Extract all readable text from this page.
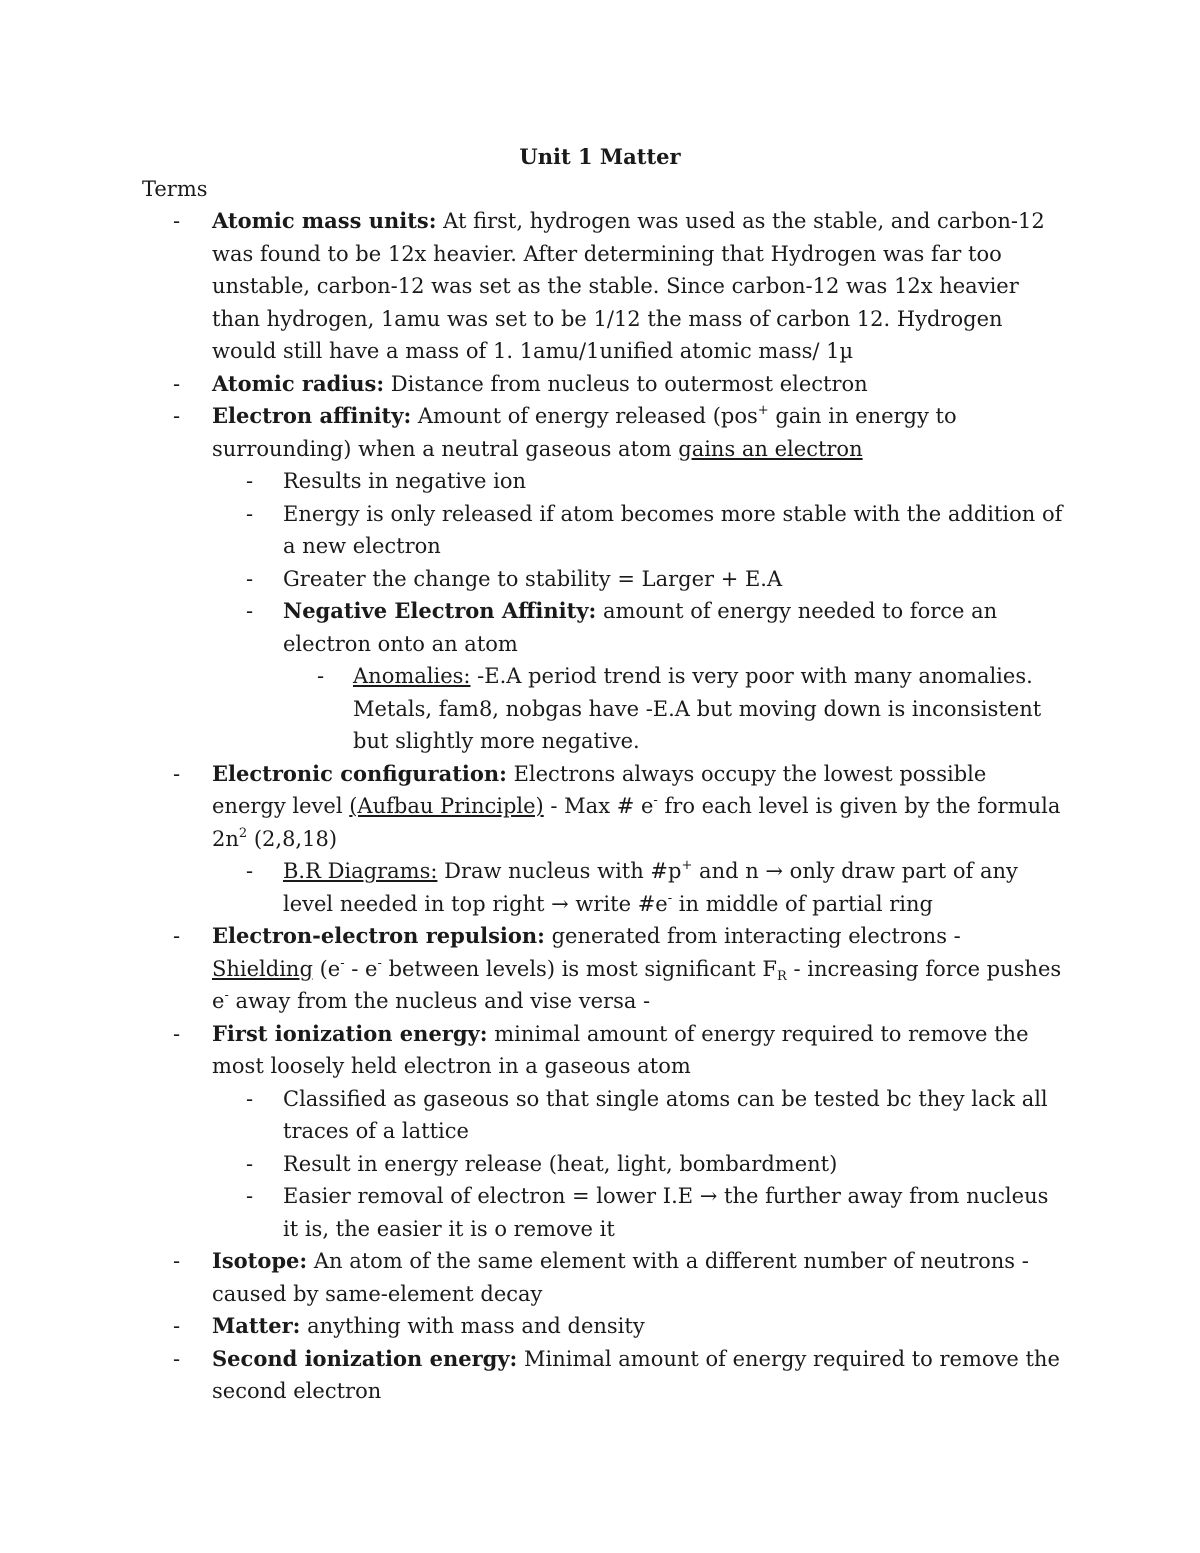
Unit 1 Matter
Terms
- Atomic mass units: At first, hydrogen was used as the stable, and carbon-12 was found to be 12x heavier. After determining that Hydrogen was far too unstable, carbon-12 was set as the stable. Since carbon-12 was 12x heavier than hydrogen, 1amu was set to be 1/12 the mass of carbon 12. Hydrogen would still have a mass of 1. 1amu/1unified atomic mass/ 1µ
- Atomic radius: Distance from nucleus to outermost electron
- Electron affinity: Amount of energy released (pos+ gain in energy to surrounding) when a neutral gaseous atom gains an electron
- Results in negative ion
- Energy is only released if atom becomes more stable with the addition of a new electron
- Greater the change to stability = Larger + E.A
- Negative Electron Affinity: amount of energy needed to force an electron onto an atom
- Anomalies: -E.A period trend is very poor with many anomalies. Metals, fam8, nobgas have -E.A but moving down is inconsistent but slightly more negative.
- Electronic configuration: Electrons always occupy the lowest possible energy level (Aufbau Principle) - Max # e- fro each level is given by the formula $2n^2$ (2,8,18)
- B.R Diagrams: Draw nucleus with #p+ and n → only draw part of any level needed in top right → write #e- in middle of partial ring
- Electron-electron repulsion: generated from interacting electrons - Shielding (e- - e- between levels) is most significant $F_R$ - increasing force pushes e- away from the nucleus and vise versa -
- First ionization energy: minimal amount of energy required to remove the most loosely held electron in a gaseous atom
- Classified as gaseous so that single atoms can be tested bc they lack all traces of a lattice
- Result in energy release (heat, light, bombardment)
- Easier removal of electron = lower I.E → the further away from nucleus it is, the easier it is o remove it
- Isotope: An atom of the same element with a different number of neutrons - caused by same-element decay
- Matter: anything with mass and density
- Second ionization energy: Minimal amount of energy required to remove the second electron
